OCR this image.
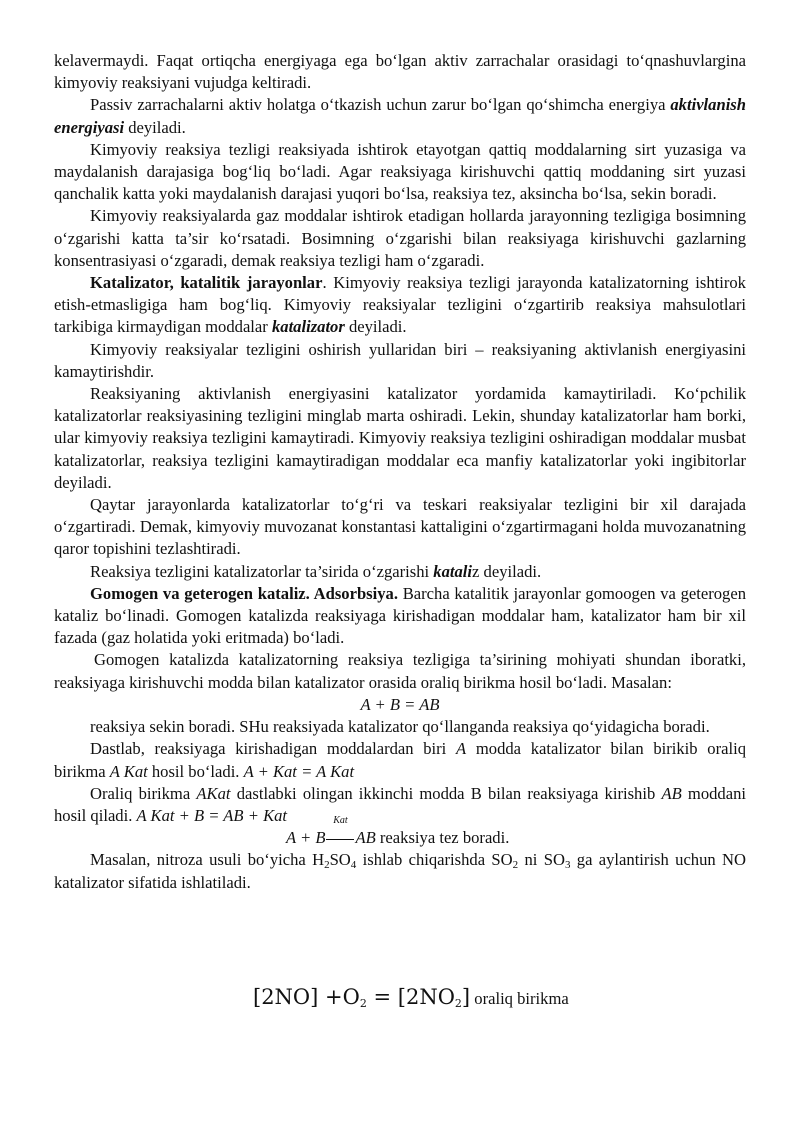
kelavermaydi. Faqat ortiqcha energiyaga ega bo‘lgan aktiv zarrachalar orasidagi to‘qnashuvlarginа kimyoviy reaksiyani vujudga keltiradi.

Passiv zarrachalarni aktiv holatga o‘tkazish uchun zarur bo‘lgan qo‘shimcha energiya aktivlanish energiyasi deyiladi.

Kimyoviy reaksiya tezligi reaksiyada ishtirok etayotgan qattiq moddalarning sirt yuzasiga va maydalanish darajasiga bog‘liq bo‘ladi. Agar reaksiyaga kirishuvchi qattiq moddaning sirt yuzasi qanchalik katta yoki maydalanish darajasi yuqori bo‘lsa, reaksiya tez, aksincha bo‘lsa, sekin boradi.

Kimyoviy reaksiyalarda gaz moddalar ishtirok etadigan hollarda jarayonning tezligiga bosimning o‘zgarishi katta ta’sir ko‘rsatadi. Bosimning o‘zgarishi bilan reaksiyaga kirishuvchi gazlarning konsentrasiyasi o‘zgaradi, demak reaksiya tezligi ham o‘zgaradi.

Katalizator, katalitik jarayonlar. Kimyoviy reaksiya tezligi jarayonda katalizatorning ishtirok etish-etmasligiga ham bog‘liq. Kimyoviy reaksiyalar tezligini o‘zgartirib reaksiya mahsulotlari tarkibiga kirmaydigan moddalar katalizator deyiladi.

Kimyoviy reaksiyalar tezligini oshirish yullaridan biri – reaksiyaning aktivlanish energiyasini kamaytirishdir.

Reaksiyaning aktivlanish energiyasini katalizator yordamida kamaytiriladi. Ko‘pchilik katalizatorlar reaksiyasining tezligini minglab marta oshiradi. Lekin, shunday katalizatorlar ham borki, ular kimyoviy reaksiya tezligini kamaytiradi. Kimyoviy reaksiya tezligini oshiradigan moddalar musbat katalizatorlar, reaksiya tezligini kamaytiradigan moddalar eca manfiy katalizatorlar yoki ingibitorlar deyiladi.

Qaytar jarayonlarda katalizatorlar to‘g‘ri va teskari reaksiyalar tezligini bir xil darajada o‘zgartiradi. Demak, kimyoviy muvozanat konstantasi kattaligini o‘zgartirmagani holda muvozanatning qaror topishini tezlashtiradi.

Reaksiya tezligini katalizatorlar ta’sirida o‘zgarishi kataliz deyiladi.

Gomogen va geterogen kataliz. Adsorbsiya. Barcha katalitik jarayonlar gomoogen va geterogen kataliz bo‘linadi. Gomogen katalizda reaksiyaga kirishadigan moddalar ham, katalizator ham bir xil fazada (gaz holatida yoki eritmada) bo‘ladi.

Gomogen katalizda katalizatorning reaksiya tezligiga ta’sirining mohiyati shundan iboratki, reaksiyaga kirishuvchi modda bilan katalizator orasida oraliq birikma hosil bo‘ladi. Masalan:

A + B = AB

reaksiya sekin boradi. SHu reaksiyada katalizator qo‘llanganda reaksiya qo‘yidagicha boradi.

Dastlab, reaksiyaga kirishadigan moddalardan biri A modda katalizator bilan birikib oraliq birikma A Kat hosil bo‘ladi. A + Kat = A Kat

Oraliq birikma AKat dastlabki olingan ikkinchi modda B bilan reaksiyaga kirishib AB moddani hosil qiladi. A Kat + B = AB + Kat

A + B
Kat
AB reaksiya tez boradi.

Masalan, nitroza usuli bo‘yicha $H_2SO_4$ ishlab chiqarishda $SO_2$ ni $SO_3$ ga aylantirish uchun NO katalizator sifatida ishlatiladi.

$[2NO] +O_2 = [2NO_2]$ oraliq birikma
